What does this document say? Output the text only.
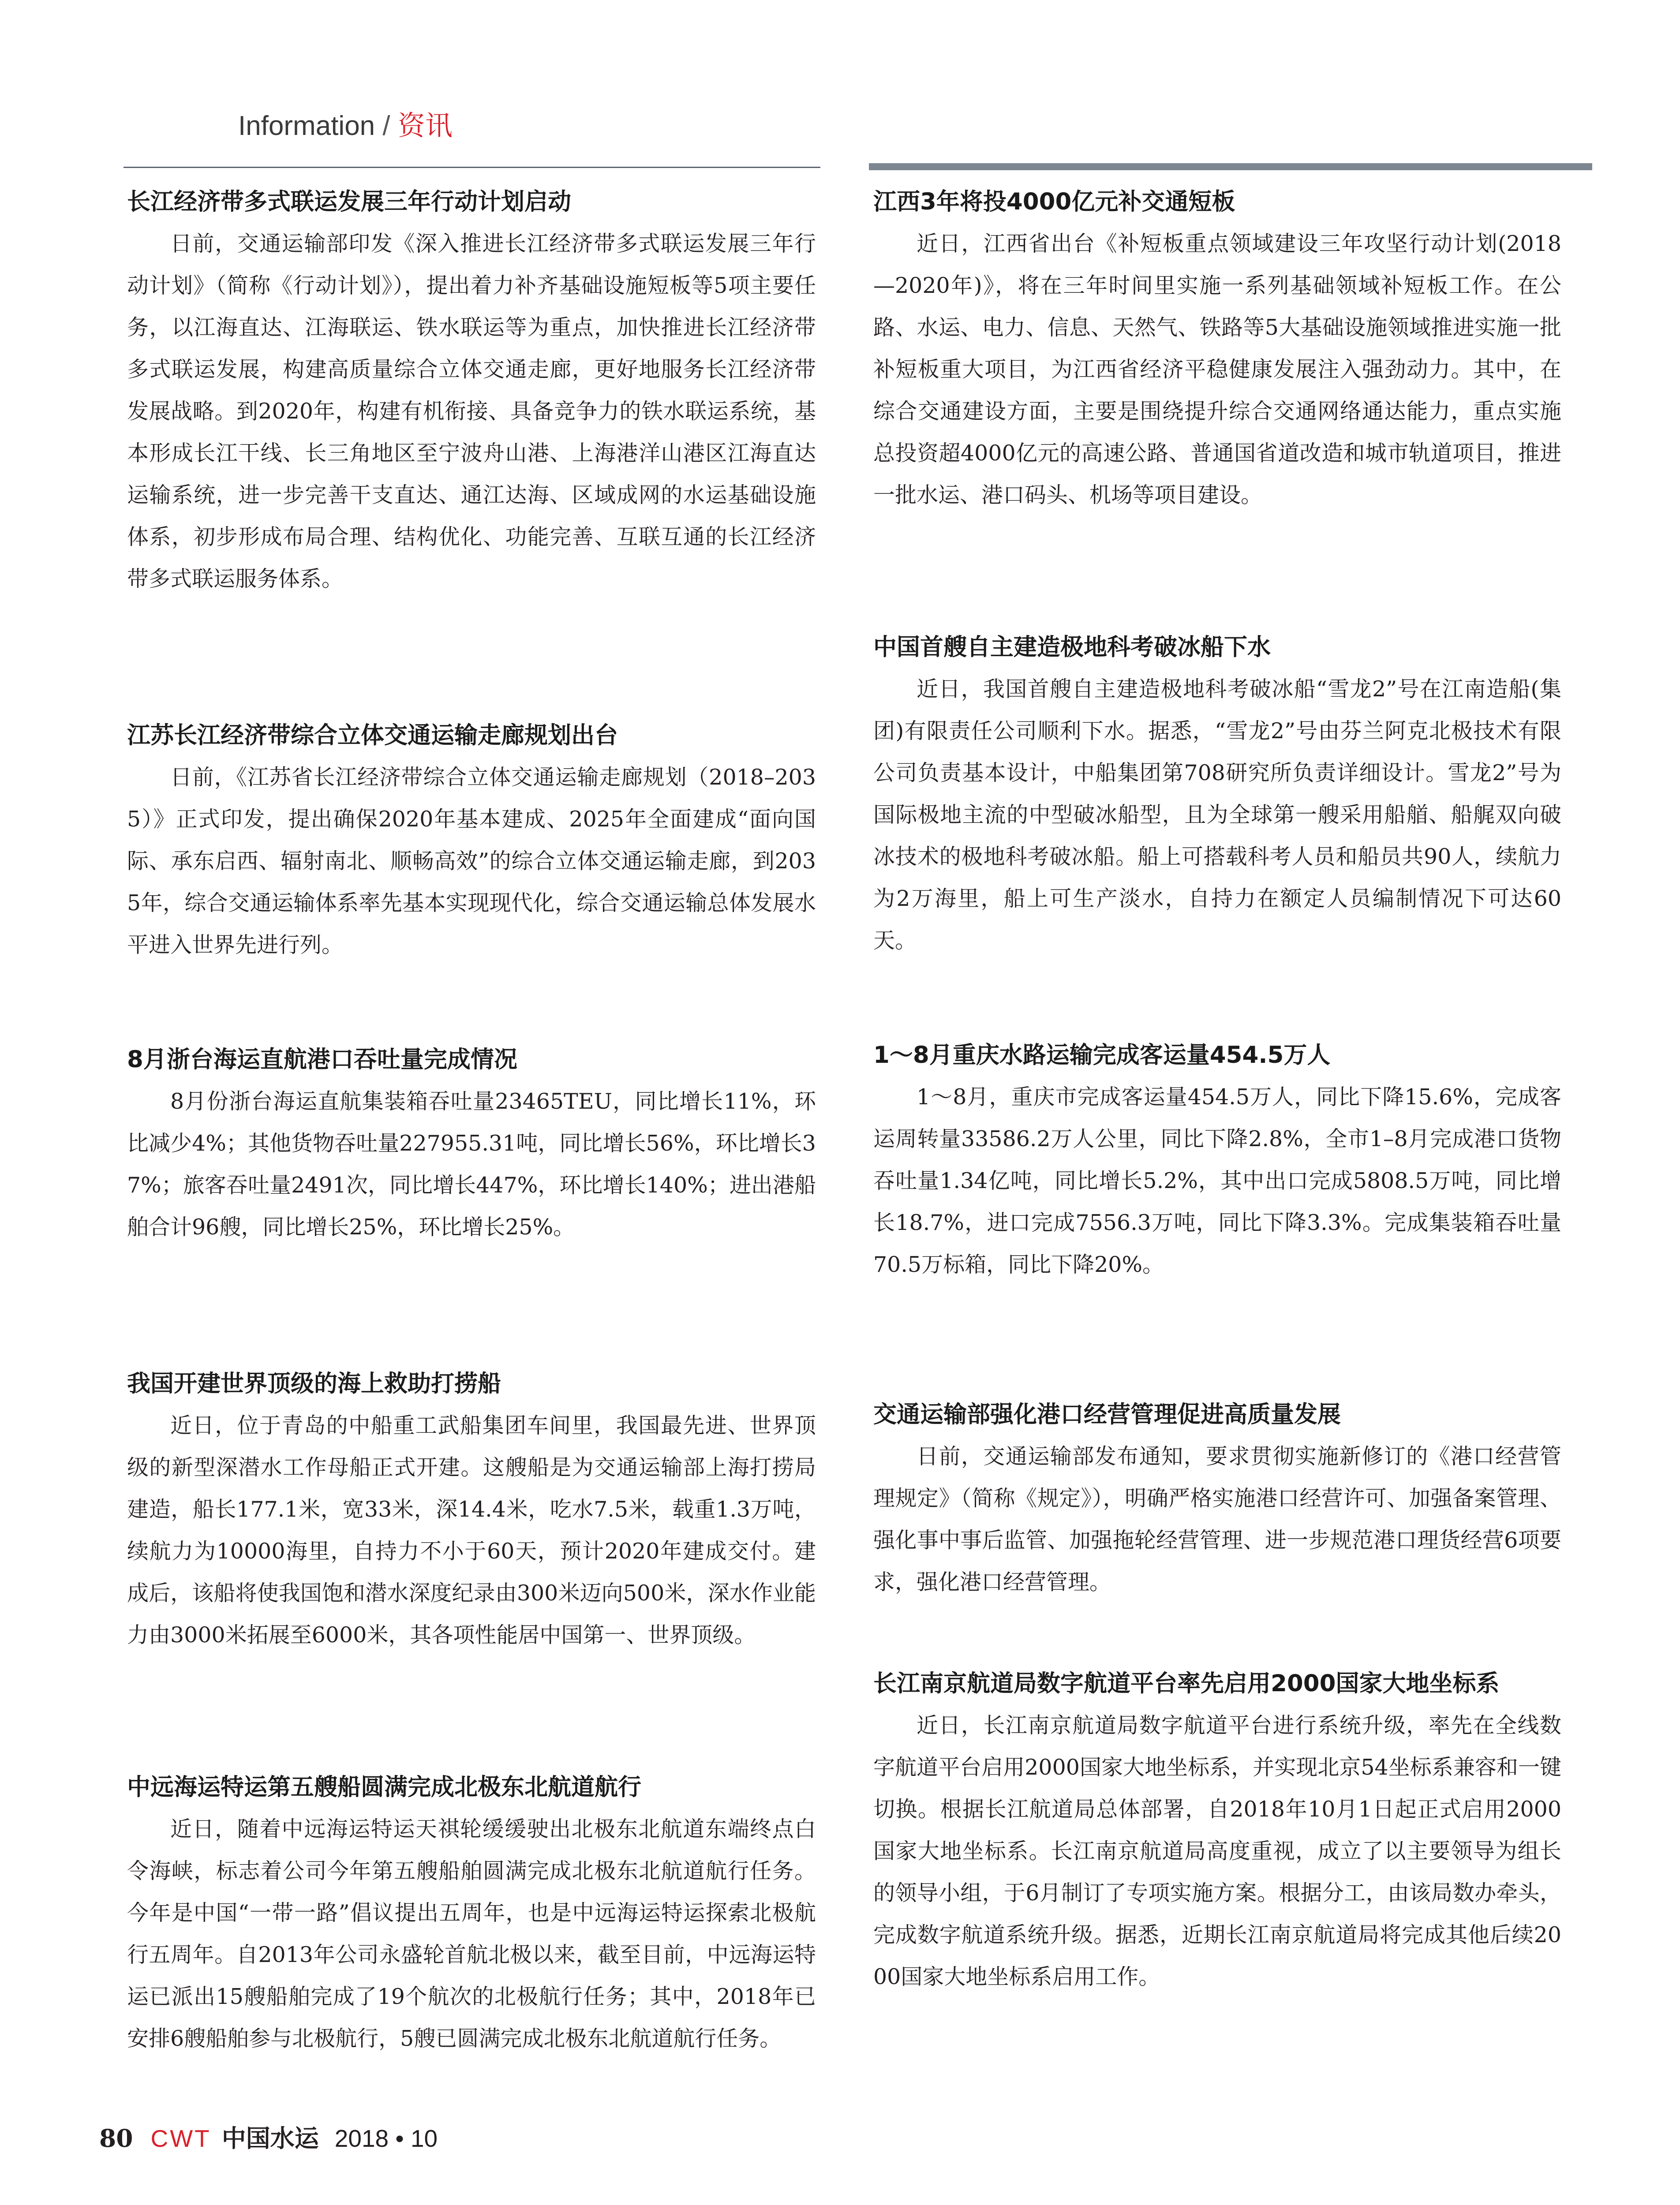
Information / 资讯
长江经济带多式联运发展三年行动计划启动

日前，交通运输部印发《深入推进长江经济带多式联运发展三年行动计划》（简称《行动计划》），提出着力补齐基础设施短板等5项主要任务，以江海直达、江海联运、铁水联运等为重点，加快推进长江经济带多式联运发展，构建高质量综合立体交通走廊，更好地服务长江经济带发展战略。到2020年，构建有机衔接、具备竞争力的铁水联运系统，基本形成长江干线、长三角地区至宁波舟山港、上海港洋山港区江海直达运输系统，进一步完善干支直达、通江达海、区域成网的水运基础设施体系，初步形成布局合理、结构优化、功能完善、互联互通的长江经济带多式联运服务体系。

江苏长江经济带综合立体交通运输走廊规划出台

日前，《江苏省长江经济带综合立体交通运输走廊规划（2018–2035）》正式印发，提出确保2020年基本建成、2025年全面建成“面向国际、承东启西、辐射南北、顺畅高效”的综合立体交通运输走廊，到2035年，综合交通运输体系率先基本实现现代化，综合交通运输总体发展水平进入世界先进行列。

8月浙台海运直航港口吞吐量完成情况

8月份浙台海运直航集装箱吞吐量23465TEU，同比增长11%，环比减少4%；其他货物吞吐量227955.31吨，同比增长56%，环比增长37%；旅客吞吐量2491次，同比增长447%，环比增长140%；进出港船舶合计96艘，同比增长25%，环比增长25%。

我国开建世界顶级的海上救助打捞船

近日，位于青岛的中船重工武船集团车间里，我国最先进、世界顶级的新型深潜水工作母船正式开建。这艘船是为交通运输部上海打捞局建造，船长177.1米，宽33米，深14.4米，吃水7.5米，载重1.3万吨，续航力为10000海里，自持力不小于60天，预计2020年建成交付。建成后，该船将使我国饱和潜水深度纪录由300米迈向500米，深水作业能力由3000米拓展至6000米，其各项性能居中国第一、世界顶级。

中远海运特运第五艘船圆满完成北极东北航道航行

近日，随着中远海运特运天祺轮缓缓驶出北极东北航道东端终点白令海峡，标志着公司今年第五艘船舶圆满完成北极东北航道航行任务。今年是中国“一带一路”倡议提出五周年，也是中远海运特运探索北极航行五周年。自2013年公司永盛轮首航北极以来，截至目前，中远海运特运已派出15艘船舶完成了19个航次的北极航行任务；其中，2018年已安排6艘船舶参与北极航行，5艘已圆满完成北极东北航道航行任务。

江西3年将投4000亿元补交通短板

近日，江西省出台《补短板重点领域建设三年攻坚行动计划(2018—2020年)》，将在三年时间里实施一系列基础领域补短板工作。在公路、水运、电力、信息、天然气、铁路等5大基础设施领域推进实施一批补短板重大项目，为江西省经济平稳健康发展注入强劲动力。其中，在综合交通建设方面，主要是围绕提升综合交通网络通达能力，重点实施总投资超4000亿元的高速公路、普通国省道改造和城市轨道项目，推进一批水运、港口码头、机场等项目建设。

中国首艘自主建造极地科考破冰船下水

近日，我国首艘自主建造极地科考破冰船“雪龙2”号在江南造船(集团)有限责任公司顺利下水。据悉，“雪龙2”号由芬兰阿克北极技术有限公司负责基本设计，中船集团第708研究所负责详细设计。雪龙2”号为国际极地主流的中型破冰船型，且为全球第一艘采用船艏、船艉双向破冰技术的极地科考破冰船。船上可搭载科考人员和船员共90人，续航力为2万海里，船上可生产淡水，自持力在额定人员编制情况下可达60天。

1～8月重庆水路运输完成客运量454.5万人

1～8月，重庆市完成客运量454.5万人，同比下降15.6%，完成客运周转量33586.2万人公里，同比下降2.8%，全市1–8月完成港口货物吞吐量1.34亿吨，同比增长5.2%，其中出口完成5808.5万吨，同比增长18.7%，进口完成7556.3万吨，同比下降3.3%。完成集装箱吞吐量70.5万标箱，同比下降20%。

交通运输部强化港口经营管理促进高质量发展

日前，交通运输部发布通知，要求贯彻实施新修订的《港口经营管理规定》（简称《规定》），明确严格实施港口经营许可、加强备案管理、强化事中事后监管、加强拖轮经营管理、进一步规范港口理货经营6项要求，强化港口经营管理。

长江南京航道局数字航道平台率先启用2000国家大地坐标系

近日，长江南京航道局数字航道平台进行系统升级，率先在全线数字航道平台启用2000国家大地坐标系，并实现北京54坐标系兼容和一键切换。根据长江航道局总体部署，自2018年10月1日起正式启用2000国家大地坐标系。长江南京航道局高度重视，成立了以主要领导为组长的领导小组，于6月制订了专项实施方案。根据分工，由该局数办牵头，完成数字航道系统升级。据悉，近期长江南京航道局将完成其他后续2000国家大地坐标系启用工作。

80 CWT 中国水运 2018 • 10
